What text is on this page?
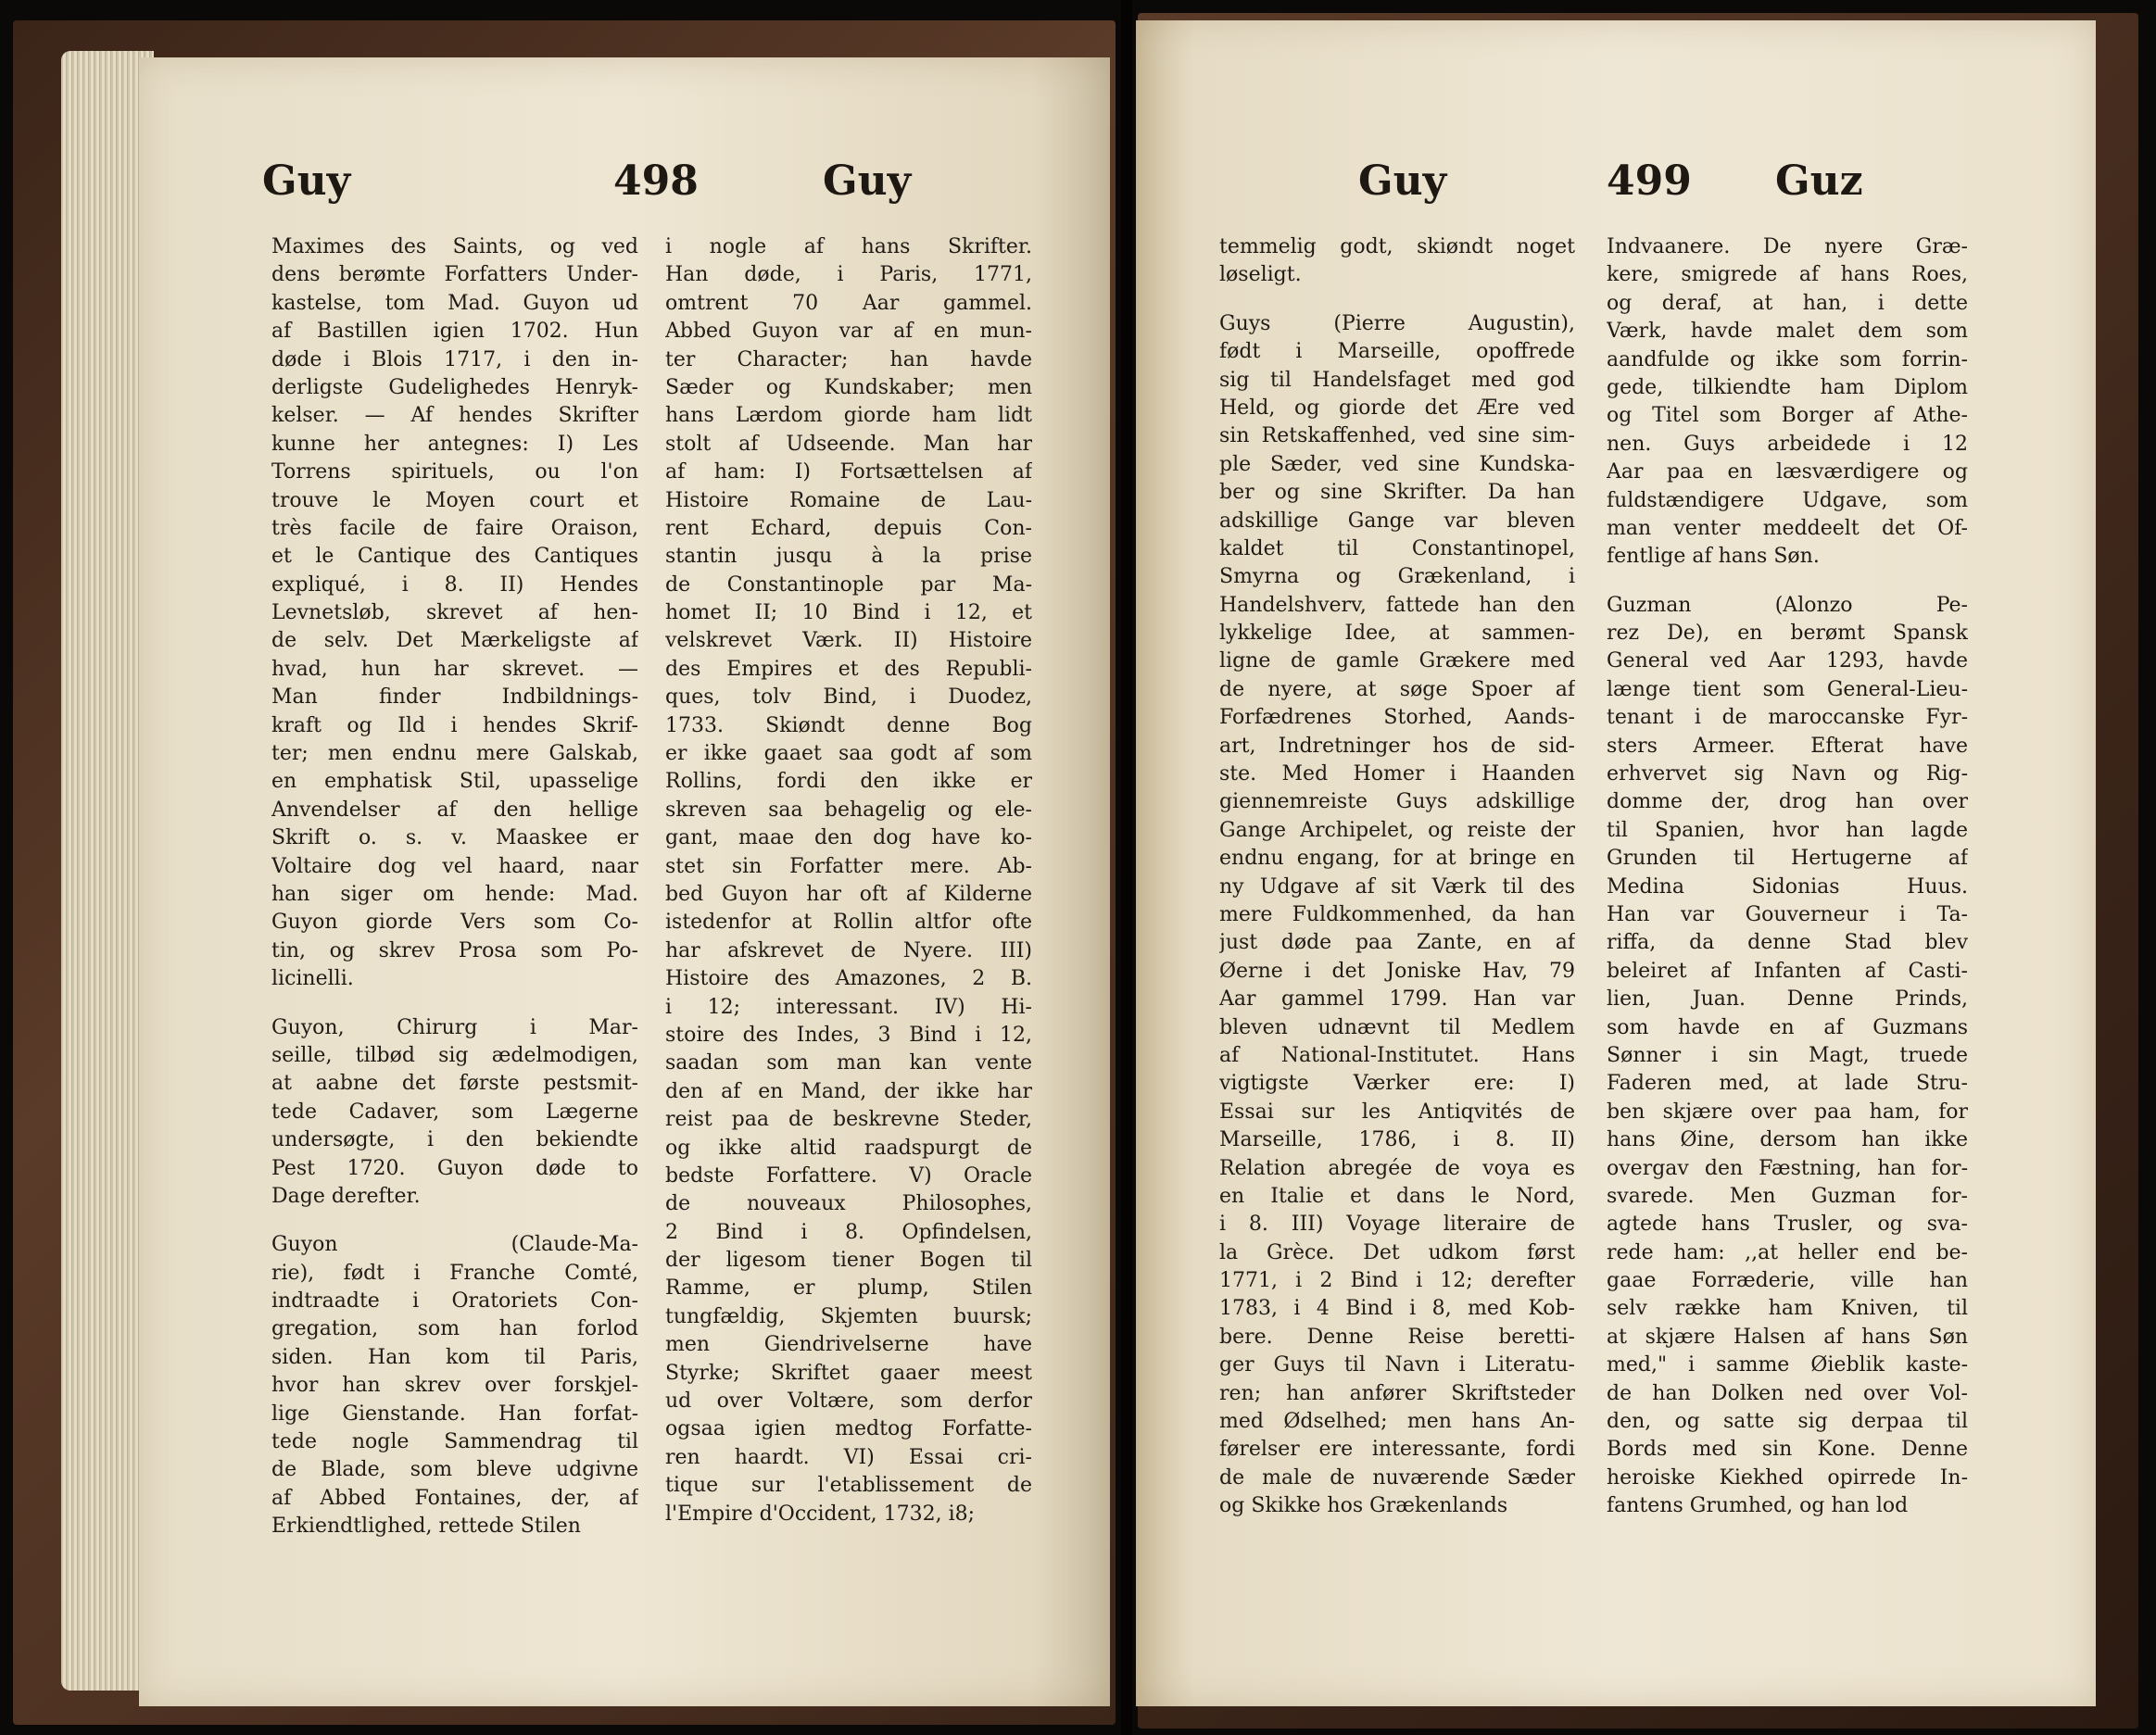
Guy	498	Guy
Maximes des Saints, og ved
dens berømte Forfatters Under-
kastelse, tom Mad. Guyon ud
af Bastillen igien 1702. Hun
døde i Blois 1717, i den in-
derligste Gudelighedes Henryk-
kelser. — Af hendes Skrifter
kunne her antegnes: I) Les
Torrens spirituels, ou l'on
trouve le Moyen court et
très facile de faire Oraison,
et le Cantique des Cantiques
expliqué, i 8. II) Hendes
Levnetsløb, skrevet af hen-
de selv. Det Mærkeligste af
hvad, hun har skrevet. —
Man finder Indbildnings-
kraft og Ild i hendes Skrif-
ter; men endnu mere Galskab,
en emphatisk Stil, upasselige
Anvendelser af den hellige
Skrift o. s. v. Maaskee er
Voltaire dog vel haard, naar
han siger om hende: Mad.
Guyon giorde Vers som Co-
tin, og skrev Prosa som Po-
licinelli.
Guyon, Chirurg i Mar-
seille, tilbød sig ædelmodigen,
at aabne det første pestsmit-
tede Cadaver, som Lægerne
undersøgte, i den bekiendte
Pest 1720. Guyon døde to
Dage derefter.
Guyon (Claude-Ma-
rie), født i Franche Comté,
indtraadte i Oratoriets Con-
gregation, som han forlod
siden. Han kom til Paris,
hvor han skrev over forskjel-
lige Gienstande. Han forfat-
tede nogle Sammendrag til
de Blade, som bleve udgivne
af Abbed Fontaines, der, af
Erkiendtlighed, rettede Stilen
i nogle af hans Skrifter.
Han døde, i Paris, 1771,
omtrent 70 Aar gammel.
Abbed Guyon var af en mun-
ter Character; han havde
Sæder og Kundskaber; men
hans Lærdom giorde ham lidt
stolt af Udseende. Man har
af ham: I) Fortsættelsen af
Histoire Romaine de Lau-
rent Echard, depuis Con-
stantin jusqu à la prise
de Constantinople par Ma-
homet II; 10 Bind i 12, et
velskrevet Værk. II) Histoire
des Empires et des Republi-
ques, tolv Bind, i Duodez,
1733. Skiøndt denne Bog
er ikke gaaet saa godt af som
Rollins, fordi den ikke er
skreven saa behagelig og ele-
gant, maae den dog have ko-
stet sin Forfatter mere. Ab-
bed Guyon har oft af Kilderne
istedenfor at Rollin altfor ofte
har afskrevet de Nyere. III)
Histoire des Amazones, 2 B.
i 12; interessant. IV) Hi-
stoire des Indes, 3 Bind i 12,
saadan som man kan vente
den af en Mand, der ikke har
reist paa de beskrevne Steder,
og ikke altid raadspurgt de
bedste Forfattere. V) Oracle
de nouveaux Philosophes,
2 Bind i 8. Opfindelsen,
der ligesom tiener Bogen til
Ramme, er plump, Stilen
tungfældig, Skjemten buursk;
men Giendrivelserne have
Styrke; Skriftet gaaer meest
ud over Voltære, som derfor
ogsaa igien medtog Forfatte-
ren haardt. VI) Essai cri-
tique sur l'etablissement de
l'Empire d'Occident, 1732, i8;
Guy	499 Guz
temmelig godt, skiøndt noget
løseligt.
Guys (Pierre Augustin),
født i Marseille, opoffrede
sig til Handelsfaget med god
Held, og giorde det Ære ved
sin Retskaffenhed, ved sine sim-
ple Sæder, ved sine Kundska-
ber og sine Skrifter. Da han
adskillige Gange var bleven
kaldet til Constantinopel,
Smyrna og Grækenland, i
Handelshverv, fattede han den
lykkelige Idee, at sammen-
ligne de gamle Grækere med
de nyere, at søge Spoer af
Forfædrenes Storhed, Aands-
art, Indretninger hos de sid-
ste. Med Homer i Haanden
giennemreiste Guys adskillige
Gange Archipelet, og reiste der
endnu engang, for at bringe en
ny Udgave af sit Værk til des
mere Fuldkommenhed, da han
just døde paa Zante, en af
Øerne i det Joniske Hav, 79
Aar gammel 1799. Han var
bleven udnævnt til Medlem
af National-Institutet. Hans
vigtigste Værker ere: I)
Essai sur les Antiqvités de
Marseille, 1786, i 8. II)
Relation abregée de voya es
en Italie et dans le Nord,
i 8. III) Voyage literaire de
la Grèce. Det udkom først
1771, i 2 Bind i 12; derefter
1783, i 4 Bind i 8, med Kob-
bere. Denne Reise beretti-
ger Guys til Navn i Literatu-
ren; han anfører Skriftsteder
med Ødselhed; men hans An-
førelser ere interessante, fordi
de male de nuværende Sæder
og Skikke hos Grækenlands
Indvaanere. De nyere Græ-
kere, smigrede af hans Roes,
og deraf, at han, i dette
Værk, havde malet dem som
aandfulde og ikke som forrin-
gede, tilkiendte ham Diplom
og Titel som Borger af Athe-
nen. Guys arbeidede i 12
Aar paa en læsværdigere og
fuldstændigere Udgave, som
man venter meddeelt det Of-
fentlige af hans Søn.
Guzman (Alonzo Pe-
rez De), en berømt Spansk
General ved Aar 1293, havde
længe tient som General-Lieu-
tenant i de maroccanske Fyr-
sters Armeer. Efterat have
erhvervet sig Navn og Rig-
domme der, drog han over
til Spanien, hvor han lagde
Grunden til Hertugerne af
Medina Sidonias Huus.
Han var Gouverneur i Ta-
riffa, da denne Stad blev
beleiret af Infanten af Casti-
lien, Juan. Denne Prinds,
som havde en af Guzmans
Sønner i sin Magt, truede
Faderen med, at lade Stru-
ben skjære over paa ham, for
hans Øine, dersom han ikke
overgav den Fæstning, han for-
svarede. Men Guzman for-
agtede hans Trusler, og sva-
rede ham: ,,at heller end be-
gaae Forræderie, ville han
selv række ham Kniven, til
at skjære Halsen af hans Søn
med," i samme Øieblik kaste-
de han Dolken ned over Vol-
den, og satte sig derpaa til
Bords med sin Kone. Denne
heroiske Kiekhed opirrede In-
fantens Grumhed, og han lod
